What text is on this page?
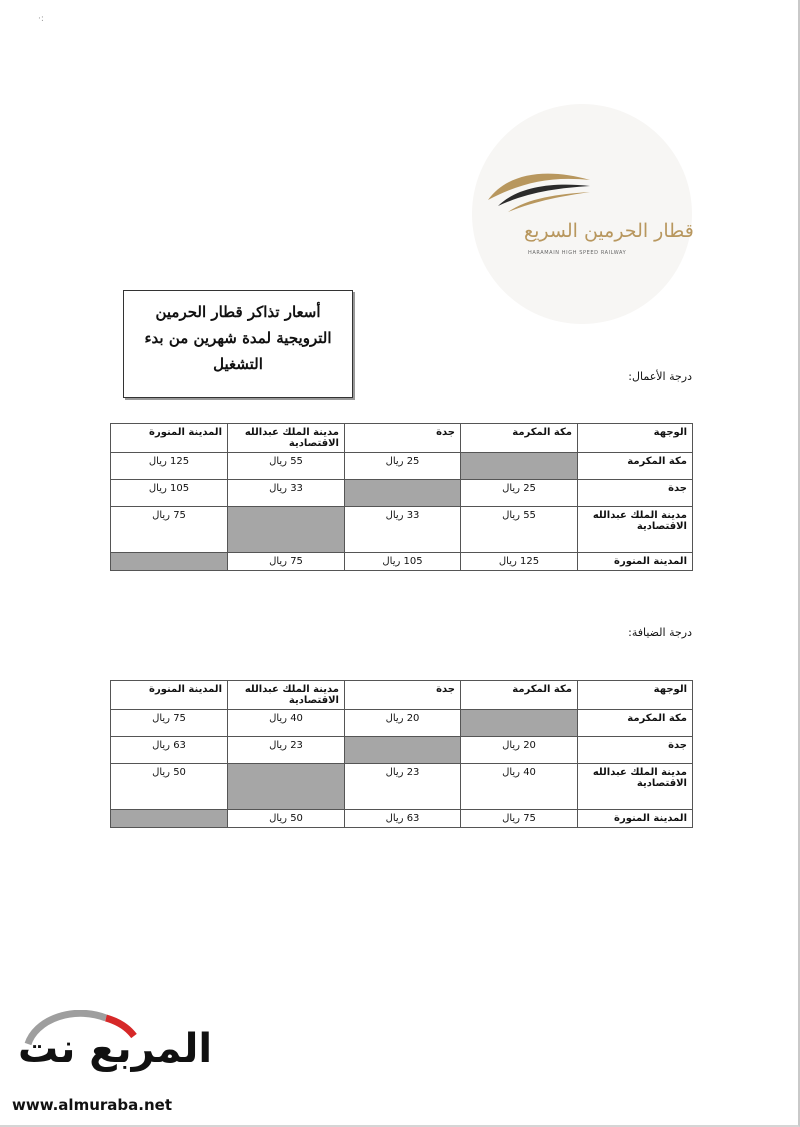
·:
قطار الحرمين السريع
HARAMAIN HIGH SPEED RAILWAY
أسعار تذاكر قطار الحرمين الترويجية لمدة شهرين من بدء التشغيل
درجة الأعمال:
الوجهة	مكة المكرمة	جدة	مدينة الملك عبدالله الاقتصادية	المدينة المنورة
مكة المكرمة		25 ريال	55 ريال	125 ريال
جدة	25 ريال		33 ريال	105 ريال
مدينة الملك عبدالله الاقتصادية	55 ريال	33 ريال		75 ريال
المدينة المنورة	125 ريال	105 ريال	75 ريال	
درجة الضيافة:
الوجهة	مكة المكرمة	جدة	مدينة الملك عبدالله الاقتصادية	المدينة المنورة
مكة المكرمة		20 ريال	40 ريال	75 ريال
جدة	20 ريال		23 ريال	63 ريال
مدينة الملك عبدالله الاقتصادية	40 ريال	23 ريال		50 ريال
المدينة المنورة	75 ريال	63 ريال	50 ريال	
المربع نت
www.almuraba.net
